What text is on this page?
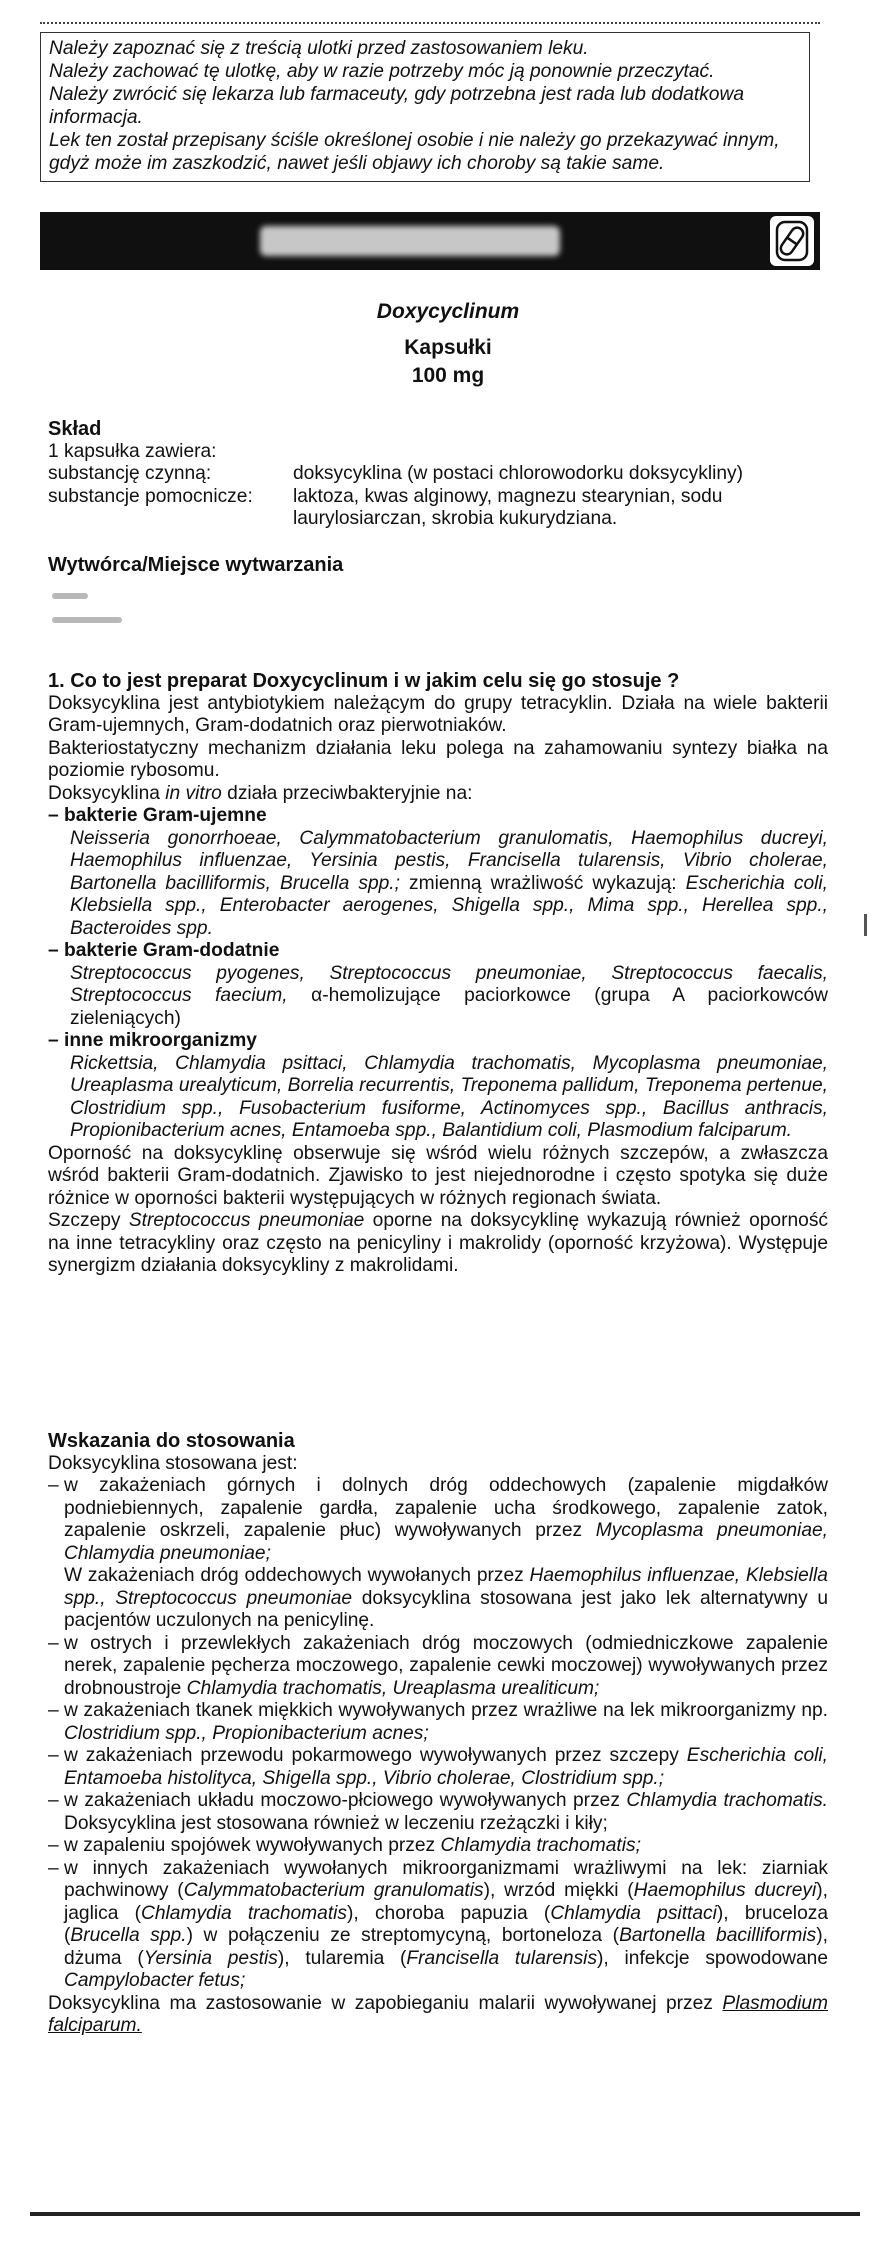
Należy zapoznać się z treścią ulotki przed zastosowaniem leku.

Należy zachować tę ulotkę, aby w razie potrzeby móc ją ponownie przeczytać.

Należy zwrócić się lekarza lub farmaceuty, gdy potrzebna jest rada lub dodatkowa informacja.

Lek ten został przepisany ściśle określonej osobie i nie należy go przekazywać innym, gdyż może im zaszkodzić, nawet jeśli objawy ich choroby są takie same.

Doxycyclinum
Kapsułki
100 mg
Skład
1 kapsułka zawiera:
substancję czynną:	doksycyklina (w postaci chlorowodorku doksycykliny)
substancje pomocnicze:	laktoza, kwas alginowy, magnezu stearynian, sodu laurylosiarczan, skrobia kukurydziana.
Wytwórca/Miejsce wytwarzania
1. Co to jest preparat Doxycyclinum i w jakim celu się go stosuje ?
Doksycyklina jest antybiotykiem należącym do grupy tetracyklin. Działa na wiele bakterii Gram-ujemnych, Gram-dodatnich oraz pierwotniaków.
Bakteriostatyczny mechanizm działania leku polega na zahamowaniu syntezy białka na poziomie rybosomu.
Doksycyklina in vitro działa przeciwbakteryjnie na:
– bakterie Gram-ujemne
Neisseria gonorrhoeae, Calymmatobacterium granulomatis, Haemophilus ducreyi, Haemophilus influenzae, Yersinia pestis, Francisella tularensis, Vibrio cholerae, Bartonella bacilliformis, Brucella spp.; zmienną wrażliwość wykazują: Escherichia coli, Klebsiella spp., Enterobacter aerogenes, Shigella spp., Mima spp., Herellea spp., Bacteroides spp.
– bakterie Gram-dodatnie
Streptococcus pyogenes, Streptococcus pneumoniae, Streptococcus faecalis, Streptococcus faecium, α-hemolizujące paciorkowce (grupa A paciorkowców zieleniących)
– inne mikroorganizmy
Rickettsia, Chlamydia psittaci, Chlamydia trachomatis, Mycoplasma pneumoniae, Ureaplasma urealyticum, Borrelia recurrentis, Treponema pallidum, Treponema pertenue, Clostridium spp., Fusobacterium fusiforme, Actinomyces spp., Bacillus anthracis, Propionibacterium acnes, Entamoeba spp., Balantidium coli, Plasmodium falciparum.
Oporność na doksycyklinę obserwuje się wśród wielu różnych szczepów, a zwłaszcza wśród bakterii Gram-dodatnich. Zjawisko to jest niejednorodne i często spotyka się duże różnice w oporności bakterii występujących w różnych regionach świata.
Szczepy Streptococcus pneumoniae oporne na doksycyklinę wykazują również oporność na inne tetracykliny oraz często na penicyliny i makrolidy (oporność krzyżowa). Występuje synergizm działania doksycykliny z makrolidami.
Wskazania do stosowania
Doksycyklina stosowana jest:
– w zakażeniach górnych i dolnych dróg oddechowych (zapalenie migdałków podniebiennych, zapalenie gardła, zapalenie ucha środkowego, zapalenie zatok, zapalenie oskrzeli, zapalenie płuc) wywoływanych przez Mycoplasma pneumoniae, Chlamydia pneumoniae;
W zakażeniach dróg oddechowych wywołanych przez Haemophilus influenzae, Klebsiella spp., Streptococcus pneumoniae doksycyklina stosowana jest jako lek alternatywny u pacjentów uczulonych na penicylinę.
– w ostrych i przewlekłych zakażeniach dróg moczowych (odmiedniczkowe zapalenie nerek, zapalenie pęcherza moczowego, zapalenie cewki moczowej) wywoływanych przez drobnoustroje Chlamydia trachomatis, Ureaplasma urealiticum;
– w zakażeniach tkanek miękkich wywoływanych przez wrażliwe na lek mikroorganizmy np. Clostridium spp., Propionibacterium acnes;
– w zakażeniach przewodu pokarmowego wywoływanych przez szczepy Escherichia coli, Entamoeba histolityca, Shigella spp., Vibrio cholerae, Clostridium spp.;
– w zakażeniach układu moczowo-płciowego wywoływanych przez Chlamydia trachomatis. Doksycyklina jest stosowana również w leczeniu rzeżączki i kiły;
– w zapaleniu spojówek wywoływanych przez Chlamydia trachomatis;
– w innych zakażeniach wywołanych mikroorganizmami wrażliwymi na lek: ziarniak pachwinowy (Calymmatobacterium granulomatis), wrzód miękki (Haemophilus ducreyi), jaglica (Chlamydia trachomatis), choroba papuzia (Chlamydia psittaci), bruceloza (Brucella spp.) w połączeniu ze streptomycyną, bortoneloza (Bartonella bacilliformis), dżuma (Yersinia pestis), tularemia (Francisella tularensis), infekcje spowodowane Campylobacter fetus;
Doksycyklina ma zastosowanie w zapobieganiu malarii wywoływanej przez Plasmodium falciparum.
